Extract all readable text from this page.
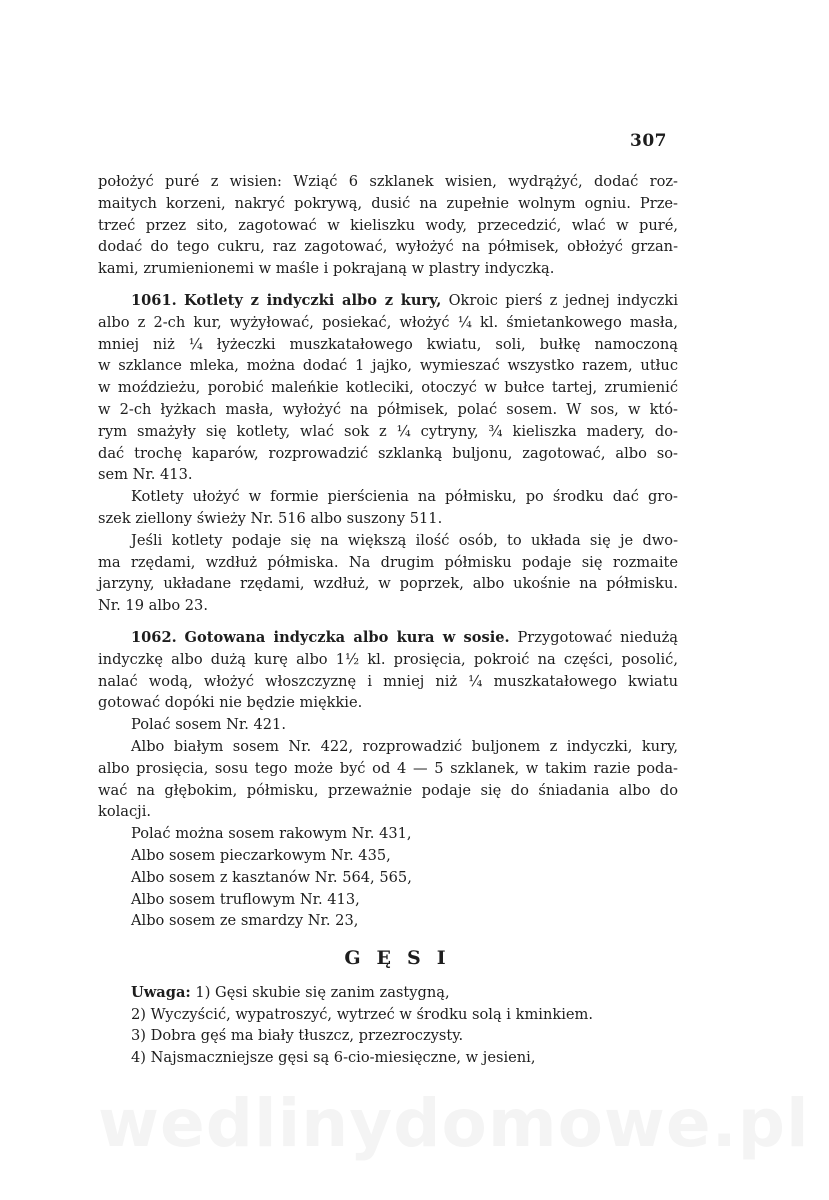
307

położyć puré z wisien: Wziąć 6 szklanek wisien, wydrążyć, dodać roz-
maitych korzeni, nakryć pokrywą, dusić na zupełnie wolnym ogniu. Prze-
trzeć przez sito, zagotować w kieliszku wody, przecedzić, wlać w puré,
dodać do tego cukru, raz zagotować, wyłożyć na półmisek, obłożyć grzan-
kami, zrumienionemi w maśle i pokrajaną w plastry indyczką.

1061. Kotlety z indyczki albo z kury, Okroic pierś z jednej indyczki
albo z 2-ch kur, wyżyłować, posiekać, włożyć ¼ kl. śmietankowego masła,
mniej niż ¼ łyżeczki muszkatałowego kwiatu, soli, bułkę namoczoną
w szklance mleka, można dodać 1 jajko, wymieszać wszystko razem, utłuc
w moździeżu, porobić maleńkie kotleciki, otoczyć w bułce tartej, zrumienić
w 2-ch łyżkach masła, wyłożyć na półmisek, polać sosem. W sos, w któ-
rym smażyły się kotlety, wlać sok z ¼ cytryny, ¾ kieliszka madery, do-
dać trochę kaparów, rozprowadzić szklanką buljonu, zagotować, albo so-
sem Nr. 413.

Kotlety ułożyć w formie pierścienia na półmisku, po środku dać gro-
szek ziellony świeży Nr. 516 albo suszony 511.

Jeśli kotlety podaje się na większą ilość osób, to układa się je dwo-
ma rzędami, wzdłuż półmiska. Na drugim półmisku podaje się rozmaite
jarzyny, układane rzędami, wzdłuż, w poprzek, albo ukośnie na półmisku.
Nr. 19 albo 23.

1062. Gotowana indyczka albo kura w sosie. Przygotować niedużą
indyczkę albo dużą kurę albo 1½ kl. prosięcia, pokroić na części, posolić,
nalać wodą, włożyć włoszczyznę i mniej niż ¼ muszkatałowego kwiatu
gotować dopóki nie będzie miękkie.

Polać sosem Nr. 421.

Albo białym sosem Nr. 422, rozprowadzić buljonem z indyczki, kury,
albo prosięcia, sosu tego może być od 4 — 5 szklanek, w takim razie poda-
wać na głębokim, półmisku, przeważnie podaje się do śniadania albo do
kolacji.

Polać można sosem rakowym Nr. 431,
Albo sosem pieczarkowym Nr. 435,
Albo sosem z kasztanów Nr. 564, 565,
Albo sosem truflowym Nr. 413,
Albo sosem ze smardzy Nr. 23,

GĘSI

Uwaga: 1) Gęsi skubie się zanim zastygną,
2) Wyczyścić, wypatroszyć, wytrzeć w środku solą i kminkiem.
3) Dobra gęś ma biały tłuszcz, przezroczysty.
4) Najsmaczniejsze gęsi są 6-cio-miesięczne, w jesieni,

wedlinydomowe.pl
